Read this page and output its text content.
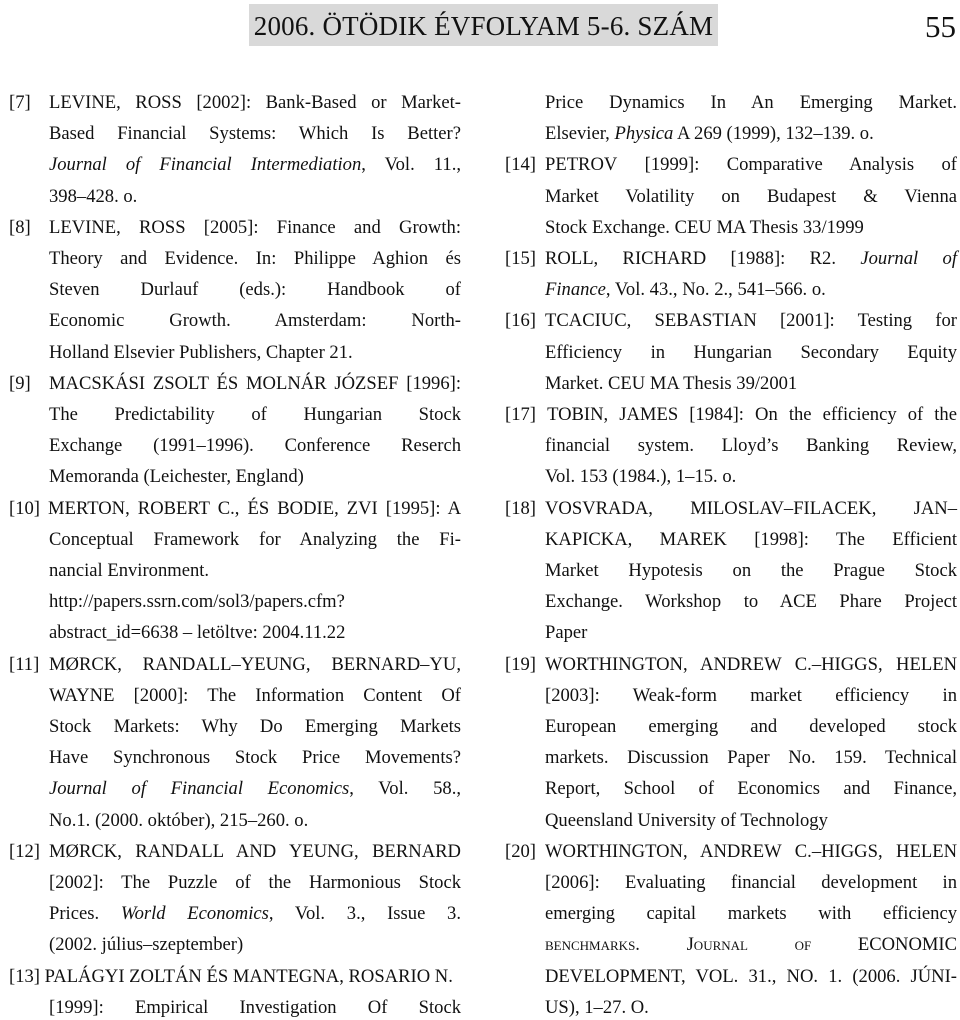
2006. ÖTÖDIK ÉVFOLYAM 5-6. SZÁM	55
[7] LEVINE, ROSS [2002]: Bank-Based or Market-
Based Financial Systems: Which Is Better?
Journal of Financial Intermediation, Vol. 11.,
398–428. o.
[8] LEVINE, ROSS [2005]: Finance and Growth:
Theory and Evidence. In: Philippe Aghion és
Steven Durlauf (eds.): Handbook of
Economic Growth. Amsterdam: North-
Holland Elsevier Publishers, Chapter 21.
[9] MACSKÁSI ZSOLT ÉS MOLNÁR JÓZSEF [1996]:
The Predictability of Hungarian Stock
Exchange (1991–1996). Conference Reserch
Memoranda (Leichester, England)
[10] MERTON, ROBERT C., ÉS BODIE, ZVI [1995]: A
Conceptual Framework for Analyzing the Fi-
nancial Environment.
http://papers.ssrn.com/sol3/papers.cfm?
abstract_id=6638 – letöltve: 2004.11.22
[11] MØRCK, RANDALL–YEUNG, BERNARD–YU,
WAYNE [2000]: The Information Content Of
Stock Markets: Why Do Emerging Markets
Have Synchronous Stock Price Movements?
Journal of Financial Economics, Vol. 58.,
No.1. (2000. október), 215–260. o.
[12] MØRCK, RANDALL AND YEUNG, BERNARD
[2002]: The Puzzle of the Harmonious Stock
Prices. World Economics, Vol. 3., Issue 3.
(2002. július–szeptember)
[13] PALÁGYI ZOLTÁN ÉS MANTEGNA, ROSARIO N.
[1999]: Empirical Investigation Of Stock
Price Dynamics In An Emerging Market.
Elsevier, Physica A 269 (1999), 132–139. o.
[14] PETROV [1999]: Comparative Analysis of
Market Volatility on Budapest & Vienna
Stock Exchange. CEU MA Thesis 33/1999
[15] ROLL, RICHARD [1988]: R2. Journal of
Finance, Vol. 43., No. 2., 541–566. o.
[16] TCACIUC, SEBASTIAN [2001]: Testing for
Efficiency in Hungarian Secondary Equity
Market. CEU MA Thesis 39/2001
[17] TOBIN, JAMES [1984]: On the efficiency of the
financial system. Lloyd’s Banking Review,
Vol. 153 (1984.), 1–15. o.
[18] VOSVRADA, MILOSLAV–FILACEK, JAN–
KAPICKA, MAREK [1998]: The Efficient
Market Hypotesis on the Prague Stock
Exchange. Workshop to ACE Phare Project
Paper
[19] WORTHINGTON, ANDREW C.–HIGGS, HELEN
[2003]: Weak-form market efficiency in
European emerging and developed stock
markets. Discussion Paper No. 159. Technical
Report, School of Economics and Finance,
Queensland University of Technology
[20] WORTHINGTON, ANDREW C.–HIGGS, HELEN
[2006]: Evaluating financial development in
emerging capital markets with efficiency
benchmarks. Journal of ECONOMIC
DEVELOPMENT, VOL. 31., NO. 1. (2006. JÚNI-
US), 1–27. O.
